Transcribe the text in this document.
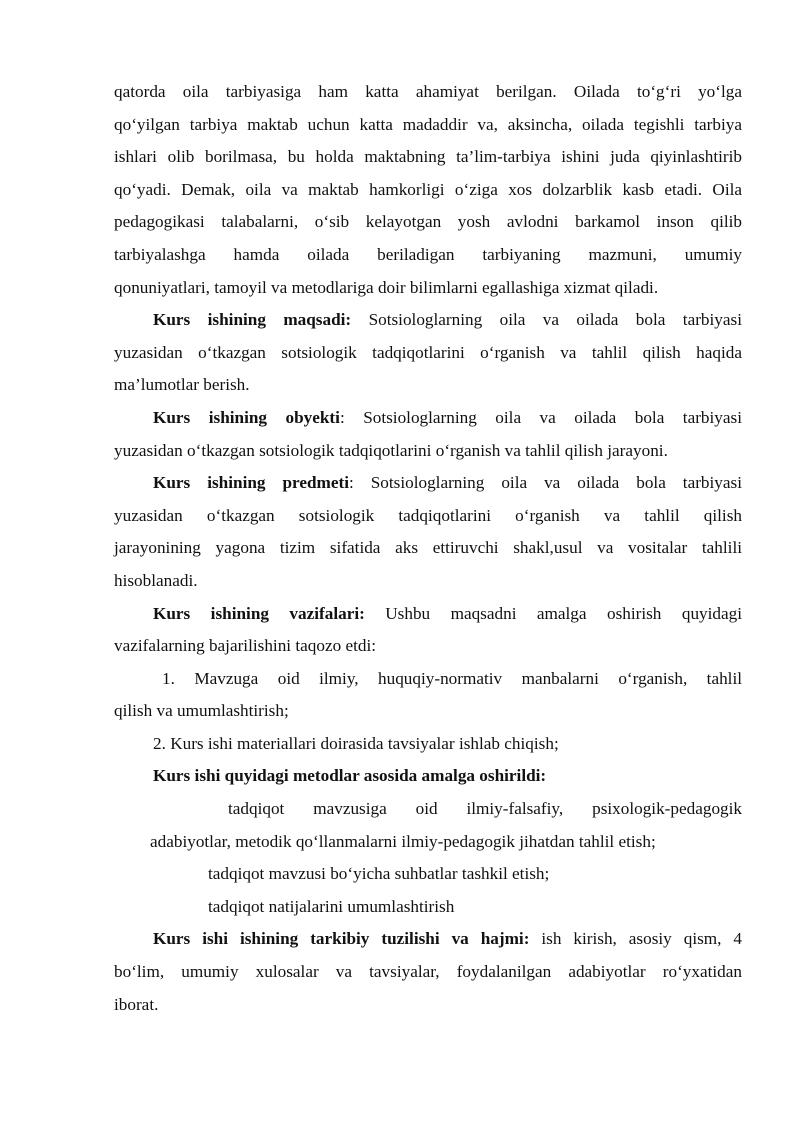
qatorda oila tarbiyasiga ham katta ahamiyat berilgan. Oilada to‘g‘ri yo‘lga
qo‘yilgan tarbiya maktab uchun katta madaddir va, aksincha, oilada tegishli tarbiya
ishlari olib borilmasa, bu holda maktabning ta’lim-tarbiya ishini juda qiyinlashtirib
qo‘yadi. Demak, oila va maktab hamkorligi o‘ziga xos dolzarblik kasb etadi. Oila
pedagogikasi talabalarni, o‘sib kelayotgan yosh avlodni barkamol inson qilib
tarbiyalashga hamda oilada beriladigan tarbiyaning mazmuni, umumiy
qonuniyatlari, tamoyil va metodlariga doir bilimlarni egallashiga xizmat qiladi.
Kurs ishining maqsadi: Sotsiologlarning oila va oilada bola tarbiyasi
yuzasidan o‘tkazgan sotsiologik tadqiqotlarini o‘rganish va tahlil qilish haqida
ma’lumotlar berish.
Kurs ishining obyekti: Sotsiologlarning oila va oilada bola tarbiyasi
yuzasidan o‘tkazgan sotsiologik tadqiqotlarini o‘rganish va tahlil qilish jarayoni.
Kurs ishining predmeti: Sotsiologlarning oila va oilada bola tarbiyasi
yuzasidan o‘tkazgan sotsiologik tadqiqotlarini o‘rganish va tahlil qilish
jarayonining yagona tizim sifatida aks ettiruvchi shakl,usul va vositalar tahlili
hisoblanadi.
Kurs ishining vazifalari: Ushbu maqsadni amalga oshirish quyidagi
vazifalarning bajarilishini taqozo etdi:
1. Mavzuga oid ilmiy, huquqiy-normativ manbalarni o‘rganish, tahlil
qilish va umumlashtirish;
2. Kurs ishi materiallari doirasida tavsiyalar ishlab chiqish;
Kurs ishi quyidagi metodlar asosida amalga oshirildi:
tadqiqot mavzusiga oid ilmiy-falsafiy, psixologik-pedagogik
adabiyotlar, metodik qo‘llanmalarni ilmiy-pedagogik jihatdan tahlil etish;
tadqiqot mavzusi bo‘yicha suhbatlar tashkil etish;
tadqiqot natijalarini umumlashtirish
Kurs ishi ishining tarkibiy tuzilishi va hajmi: ish kirish, asosiy qism, 4
bo‘lim, umumiy xulosalar va tavsiyalar, foydalanilgan adabiyotlar ro‘yxatidan
iborat.
